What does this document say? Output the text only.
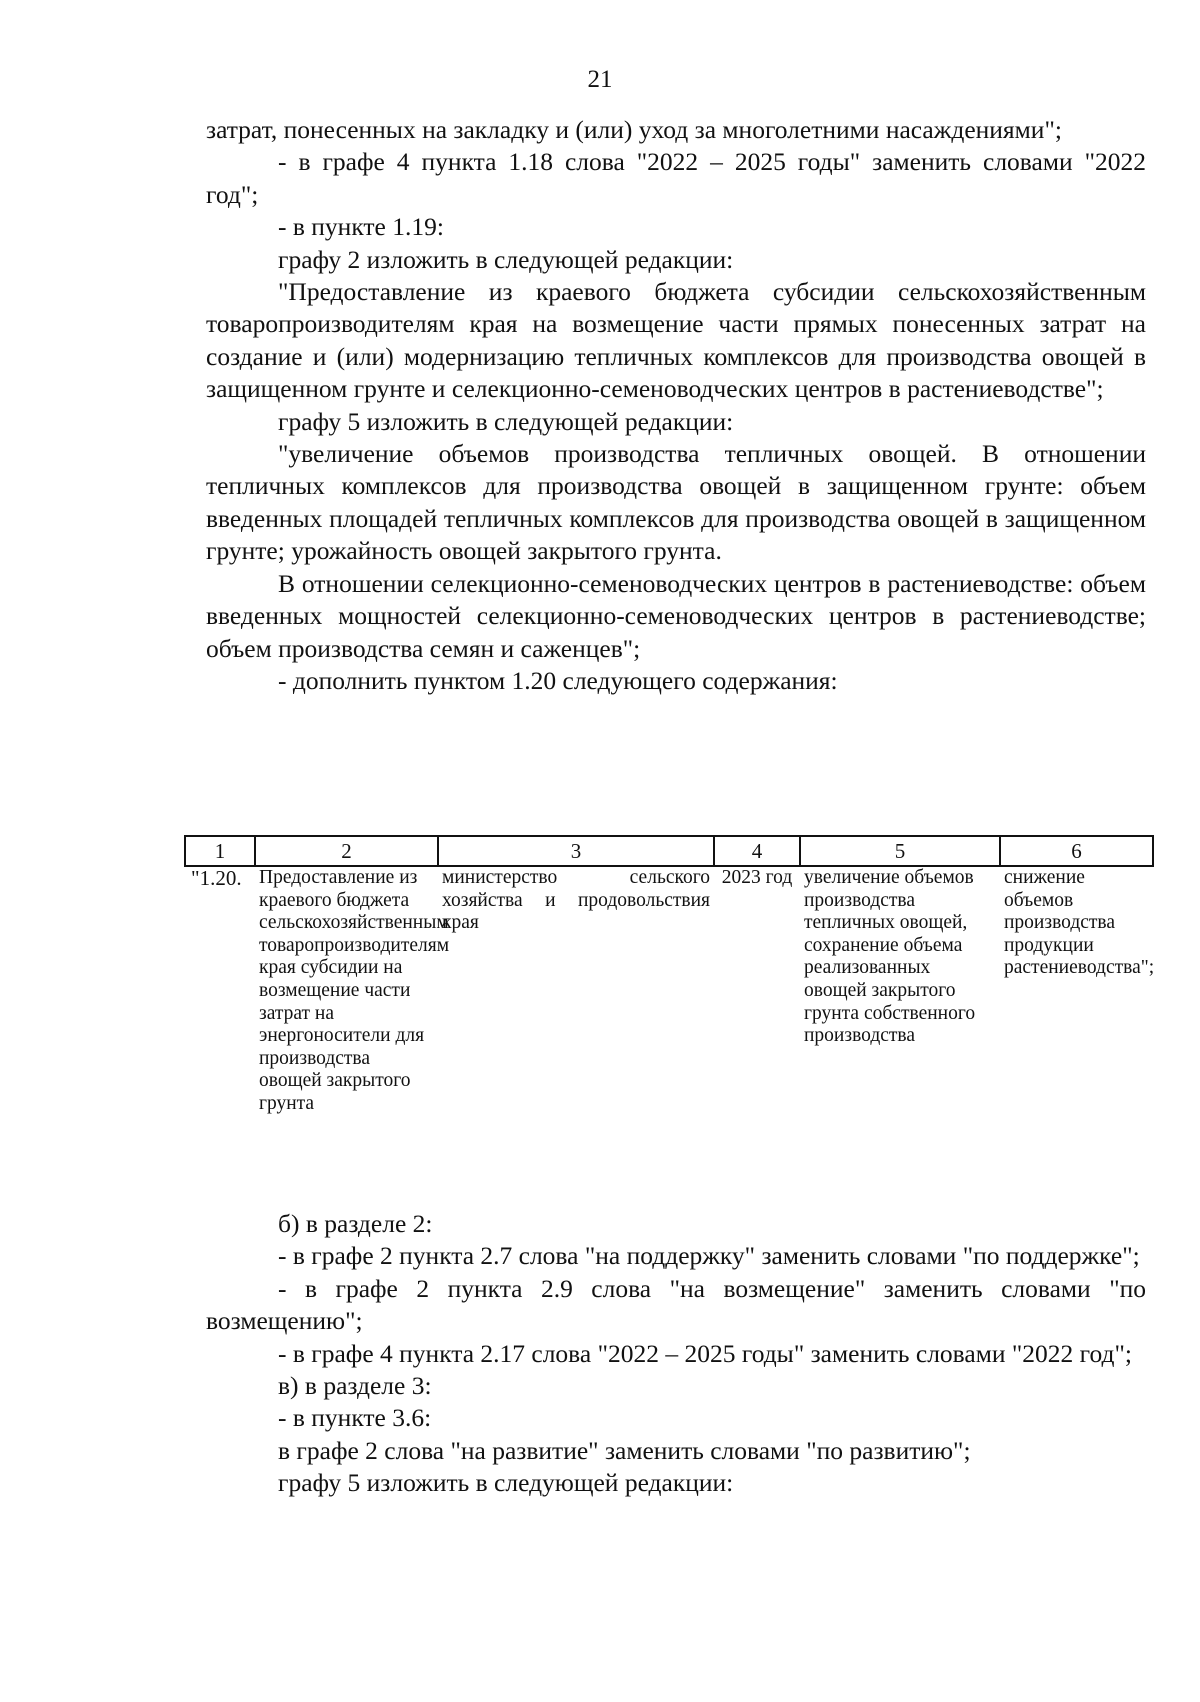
21

затрат, понесенных на закладку и (или) уход за многолетними насаждениями";

- в графе 4 пункта 1.18 слова "2022 – 2025 годы" заменить словами "2022

год";

- в пункте 1.19:

графу 2 изложить в следующей редакции:

"Предоставление из краевого бюджета субсидии сельскохозяйственным товаропроизводителям края на возмещение части прямых понесенных затрат на создание и (или) модернизацию тепличных комплексов для производства овощей в защищенном грунте и селекционно-семеноводческих центров в растениеводстве";

графу 5 изложить в следующей редакции:

"увеличение объемов производства тепличных овощей. В отношении тепличных комплексов для производства овощей в защищенном грунте: объем введенных площадей тепличных комплексов для производства овощей в защищенном грунте; урожайность овощей закрытого грунта.

В отношении селекционно-семеноводческих центров в растениеводстве: объем введенных мощностей селекционно-семеноводческих центров в растениеводстве; объем производства семян и саженцев";

- дополнить пунктом 1.20 следующего содержания:

1	2	3	4	5	6
"1.20.	Предоставление из краевого бюджета сельскохозяйственным товаропроизводителям края субсидии на возмещение части затрат на энергоносители для производства овощей закрытого грунта	министерство сельского хозяйства и продовольствия края	2023 год	увеличение объемов производства тепличных овощей, сохранение объема реализованных овощей закрытого грунта собственного производства	снижение объемов производства продукции растениеводства";

б) в разделе 2:

- в графе 2 пункта 2.7 слова "на поддержку" заменить словами "по поддержке";

- в графе 2 пункта 2.9 слова "на возмещение" заменить словами "по возмещению";

- в графе 4 пункта 2.17 слова "2022 – 2025 годы" заменить словами "2022 год";

в) в разделе 3:

- в пункте 3.6:

в графе 2 слова "на развитие" заменить словами "по развитию";

графу 5 изложить в следующей редакции:
